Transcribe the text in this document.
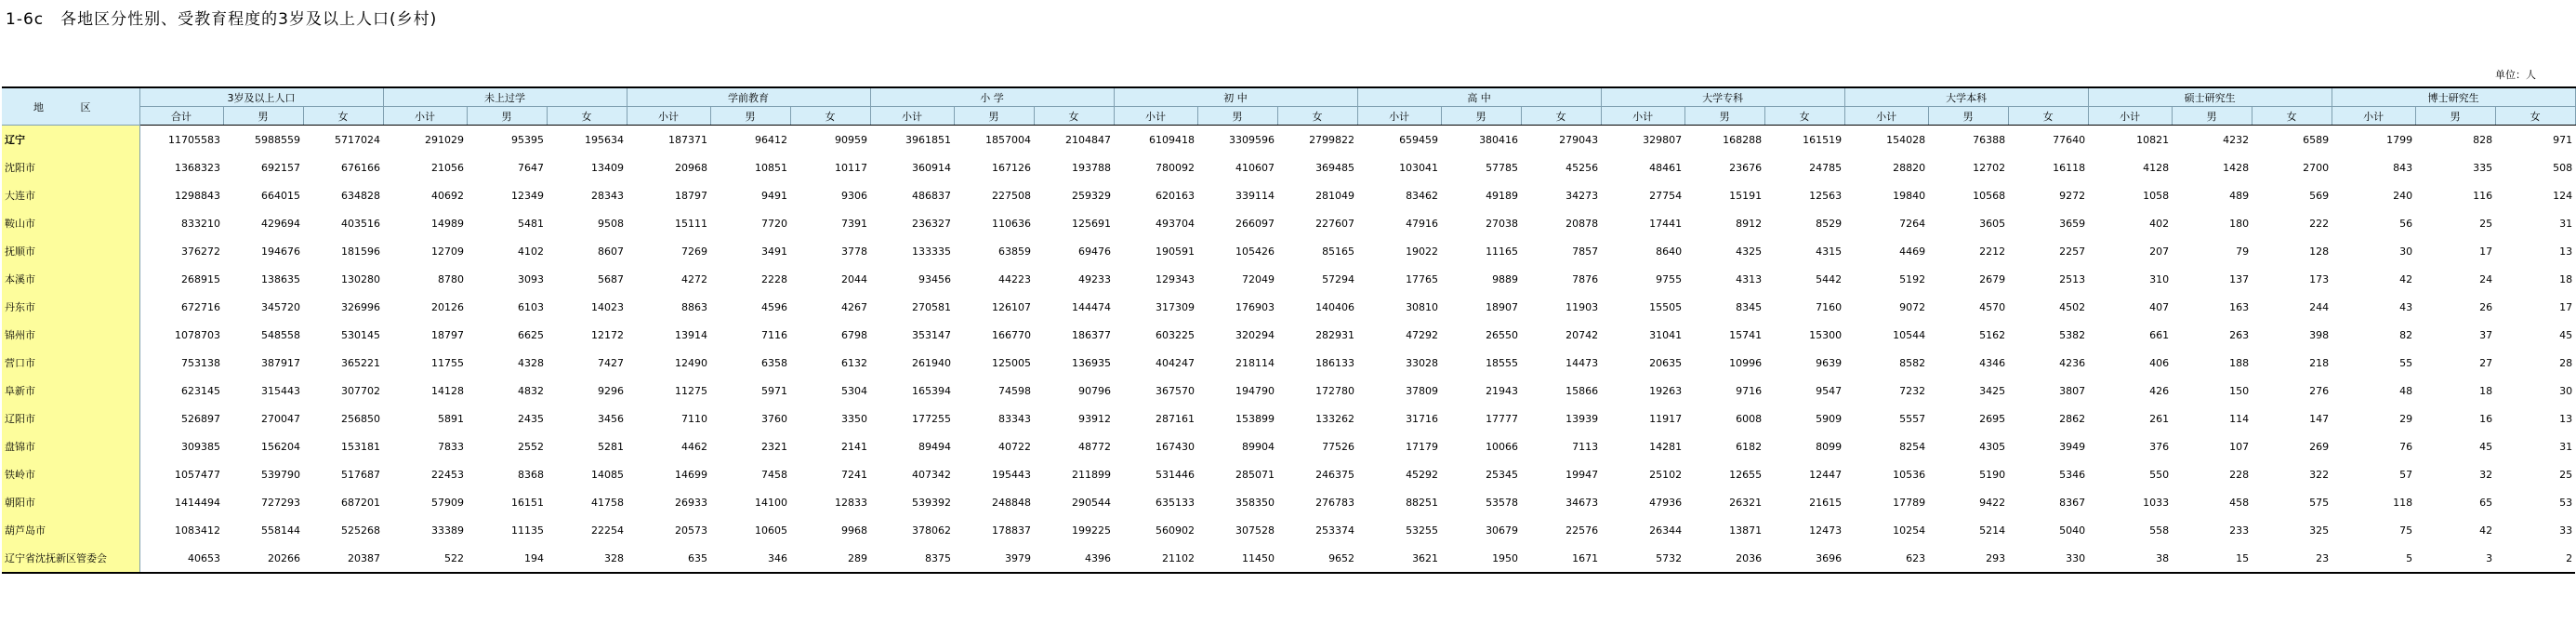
1-6c 各地区分性别、受教育程度的3岁及以上人口(乡村)
单位：人
地 区	3岁及以上人口			未上过学			学前教育			小 学			初 中			高 中			大学专科			大学本科			硕士研究生			博士研究生		
	合计	男	女	小计	男	女	小计	男	女	小计	男	女	小计	男	女	小计	男	女	小计	男	女	小计	男	女	小计	男	女	小计	男	女
辽宁	11705583	5988559	5717024	291029	95395	195634	187371	96412	90959	3961851	1857004	2104847	6109418	3309596	2799822	659459	380416	279043	329807	168288	161519	154028	76388	77640	10821	4232	6589	1799	828	971
沈阳市	1368323	692157	676166	21056	7647	13409	20968	10851	10117	360914	167126	193788	780092	410607	369485	103041	57785	45256	48461	23676	24785	28820	12702	16118	4128	1428	2700	843	335	508
大连市	1298843	664015	634828	40692	12349	28343	18797	9491	9306	486837	227508	259329	620163	339114	281049	83462	49189	34273	27754	15191	12563	19840	10568	9272	1058	489	569	240	116	124
鞍山市	833210	429694	403516	14989	5481	9508	15111	7720	7391	236327	110636	125691	493704	266097	227607	47916	27038	20878	17441	8912	8529	7264	3605	3659	402	180	222	56	25	31
抚顺市	376272	194676	181596	12709	4102	8607	7269	3491	3778	133335	63859	69476	190591	105426	85165	19022	11165	7857	8640	4325	4315	4469	2212	2257	207	79	128	30	17	13
本溪市	268915	138635	130280	8780	3093	5687	4272	2228	2044	93456	44223	49233	129343	72049	57294	17765	9889	7876	9755	4313	5442	5192	2679	2513	310	137	173	42	24	18
丹东市	672716	345720	326996	20126	6103	14023	8863	4596	4267	270581	126107	144474	317309	176903	140406	30810	18907	11903	15505	8345	7160	9072	4570	4502	407	163	244	43	26	17
锦州市	1078703	548558	530145	18797	6625	12172	13914	7116	6798	353147	166770	186377	603225	320294	282931	47292	26550	20742	31041	15741	15300	10544	5162	5382	661	263	398	82	37	45
营口市	753138	387917	365221	11755	4328	7427	12490	6358	6132	261940	125005	136935	404247	218114	186133	33028	18555	14473	20635	10996	9639	8582	4346	4236	406	188	218	55	27	28
阜新市	623145	315443	307702	14128	4832	9296	11275	5971	5304	165394	74598	90796	367570	194790	172780	37809	21943	15866	19263	9716	9547	7232	3425	3807	426	150	276	48	18	30
辽阳市	526897	270047	256850	5891	2435	3456	7110	3760	3350	177255	83343	93912	287161	153899	133262	31716	17777	13939	11917	6008	5909	5557	2695	2862	261	114	147	29	16	13
盘锦市	309385	156204	153181	7833	2552	5281	4462	2321	2141	89494	40722	48772	167430	89904	77526	17179	10066	7113	14281	6182	8099	8254	4305	3949	376	107	269	76	45	31
铁岭市	1057477	539790	517687	22453	8368	14085	14699	7458	7241	407342	195443	211899	531446	285071	246375	45292	25345	19947	25102	12655	12447	10536	5190	5346	550	228	322	57	32	25
朝阳市	1414494	727293	687201	57909	16151	41758	26933	14100	12833	539392	248848	290544	635133	358350	276783	88251	53578	34673	47936	26321	21615	17789	9422	8367	1033	458	575	118	65	53
葫芦岛市	1083412	558144	525268	33389	11135	22254	20573	10605	9968	378062	178837	199225	560902	307528	253374	53255	30679	22576	26344	13871	12473	10254	5214	5040	558	233	325	75	42	33
辽宁省沈抚新区管委会	40653	20266	20387	522	194	328	635	346	289	8375	3979	4396	21102	11450	9652	3621	1950	1671	5732	2036	3696	623	293	330	38	15	23	5	3	2
